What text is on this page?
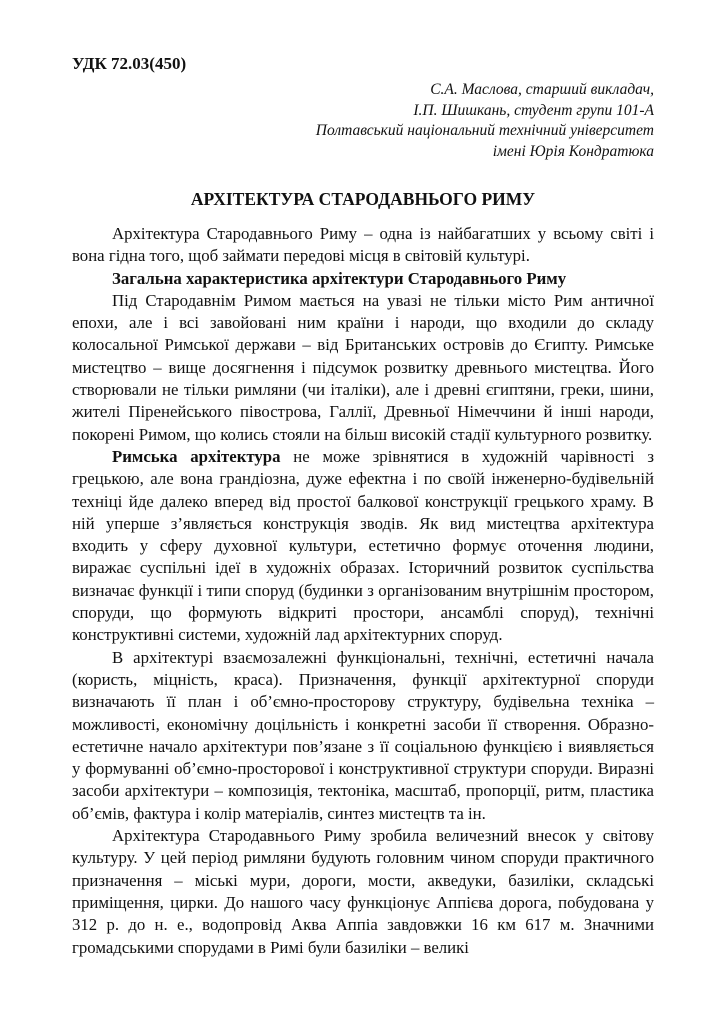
УДК 72.03(450)
С.А. Маслова, старший викладач,
І.П. Шишкань, студент групи 101-А
Полтавський національний технічний університет
імені Юрія Кондратюка
АРХІТЕКТУРА СТАРОДАВНЬОГО РИМУ

Архітектура Стародавнього Риму – одна із найбагатших у всьому світі і вона гідна того, щоб займати передові місця в світовій культурі.

Загальна характеристика архітектури Стародавнього Риму

Під Стародавнім Римом мається на увазі не тільки місто Рим античної епохи, але і всі завойовані ним країни і народи, що входили до складу колосальної Римської держави – від Британських островів до Єгипту. Римське мистецтво – вище досягнення і підсумок розвитку древнього мистецтва. Його створювали не тільки римляни (чи італіки), але і древні єгиптяни, греки, шини, жителі Піренейського півострова, Галлії, Древньої Німеччини й інші народи, покорені Римом, що колись стояли на більш високій стадії культурного розвитку.

Римська архітектура не може зрівнятися в художній чарівності з грецькою, але вона грандіозна, дуже ефектна і по своїй інженерно-будівельній техніці йде далеко вперед від простої балкової конструкції грецького храму. В ній уперше з’являється конструкція зводів. Як вид мистецтва архітектура входить у сферу духовної культури, естетично формує оточення людини, виражає суспільні ідеї в художніх образах. Історичний розвиток суспільства визначає функції і типи споруд (будинки з організованим внутрішнім простором, споруди, що формують відкриті простори, ансамблі споруд), технічні конструктивні системи, художній лад архітектурних споруд.

В архітектурі взаємозалежні функціональні, технічні, естетичні начала (користь, міцність, краса). Призначення, функції архітектурної споруди визначають її план і об’ємно-просторову структуру, будівельна техніка – можливості, економічну доцільність і конкретні засоби її створення. Образно-естетичне начало архітектури пов’язане з її соціальною функцією і виявляється у формуванні об’ємно-просторової і конструктивної структури споруди. Виразні засоби архітектури – композиція, тектоніка, масштаб, пропорції, ритм, пластика об’ємів, фактура і колір матеріалів, синтез мистецтв та ін.

Архітектура Стародавнього Риму зробила величезний внесок у світову культуру. У цей період римляни будують головним чином споруди практичного призначення – міські мури, дороги, мости, акведуки, базиліки, складські приміщення, цирки. До нашого часу функціонує Аппієва дорога, побудована у 312 р. до н. е., водопровід Аква Аппіа завдовжки 16 км 617 м. Значними громадськими спорудами в Римі були базиліки – великі
